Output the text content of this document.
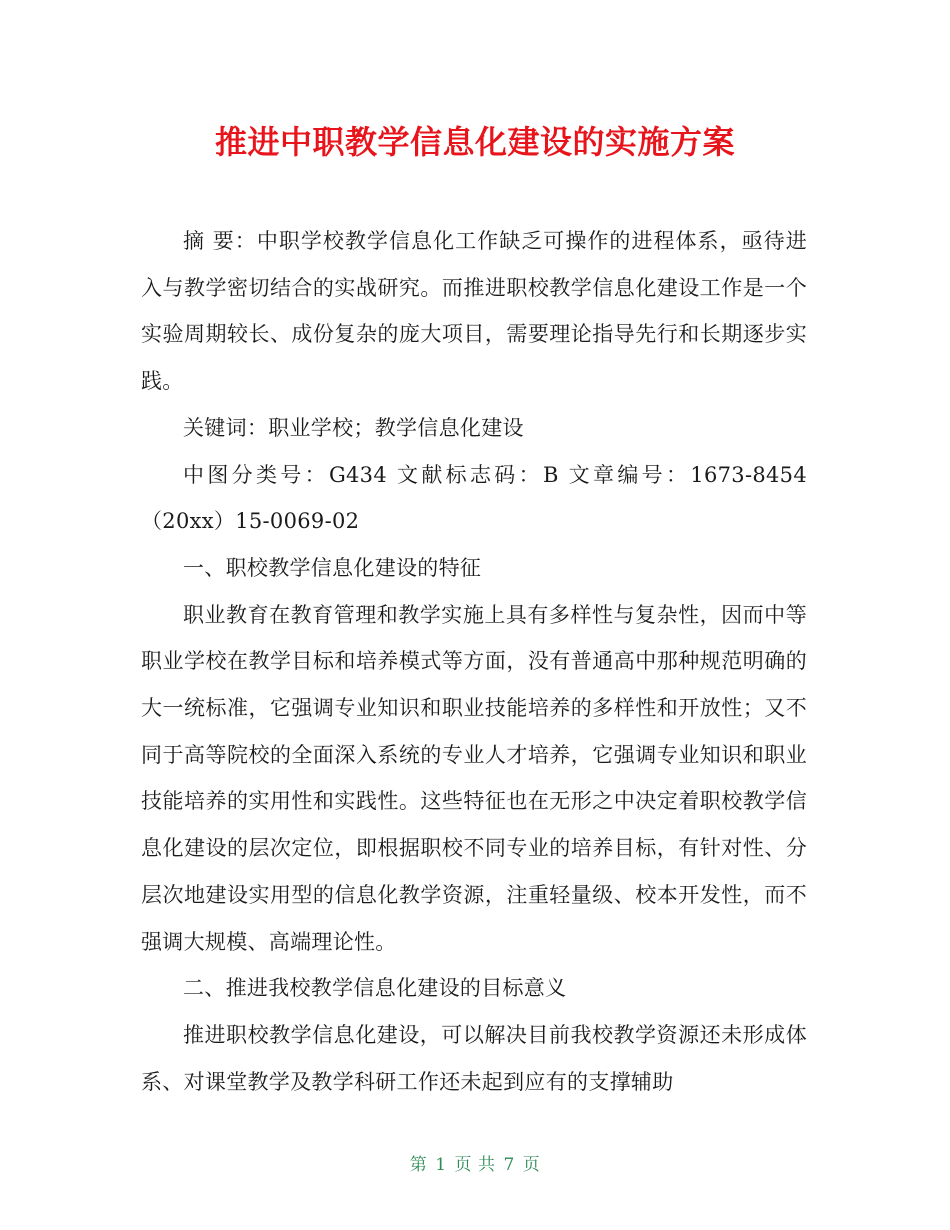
推进中职教学信息化建设的实施方案

摘 要：中职学校教学信息化工作缺乏可操作的进程体系，亟待进入与教学密切结合的实战研究。而推进职校教学信息化建设工作是一个实验周期较长、成份复杂的庞大项目，需要理论指导先行和长期逐步实践。

关键词：职业学校；教学信息化建设

中图分类号：G434 文献标志码：B 文章编号：1673-8454（20xx）15-0069-02

一、职校教学信息化建设的特征

职业教育在教育管理和教学实施上具有多样性与复杂性，因而中等职业学校在教学目标和培养模式等方面，没有普通高中那种规范明确的大一统标准，它强调专业知识和职业技能培养的多样性和开放性；又不同于高等院校的全面深入系统的专业人才培养，它强调专业知识和职业技能培养的实用性和实践性。这些特征也在无形之中决定着职校教学信息化建设的层次定位，即根据职校不同专业的培养目标，有针对性、分层次地建设实用型的信息化教学资源，注重轻量级、校本开发性，而不强调大规模、高端理论性。

二、推进我校教学信息化建设的目标意义

推进职校教学信息化建设，可以解决目前我校教学资源还未形成体系、对课堂教学及教学科研工作还未起到应有的支撑辅助

第 1 页 共 7 页
